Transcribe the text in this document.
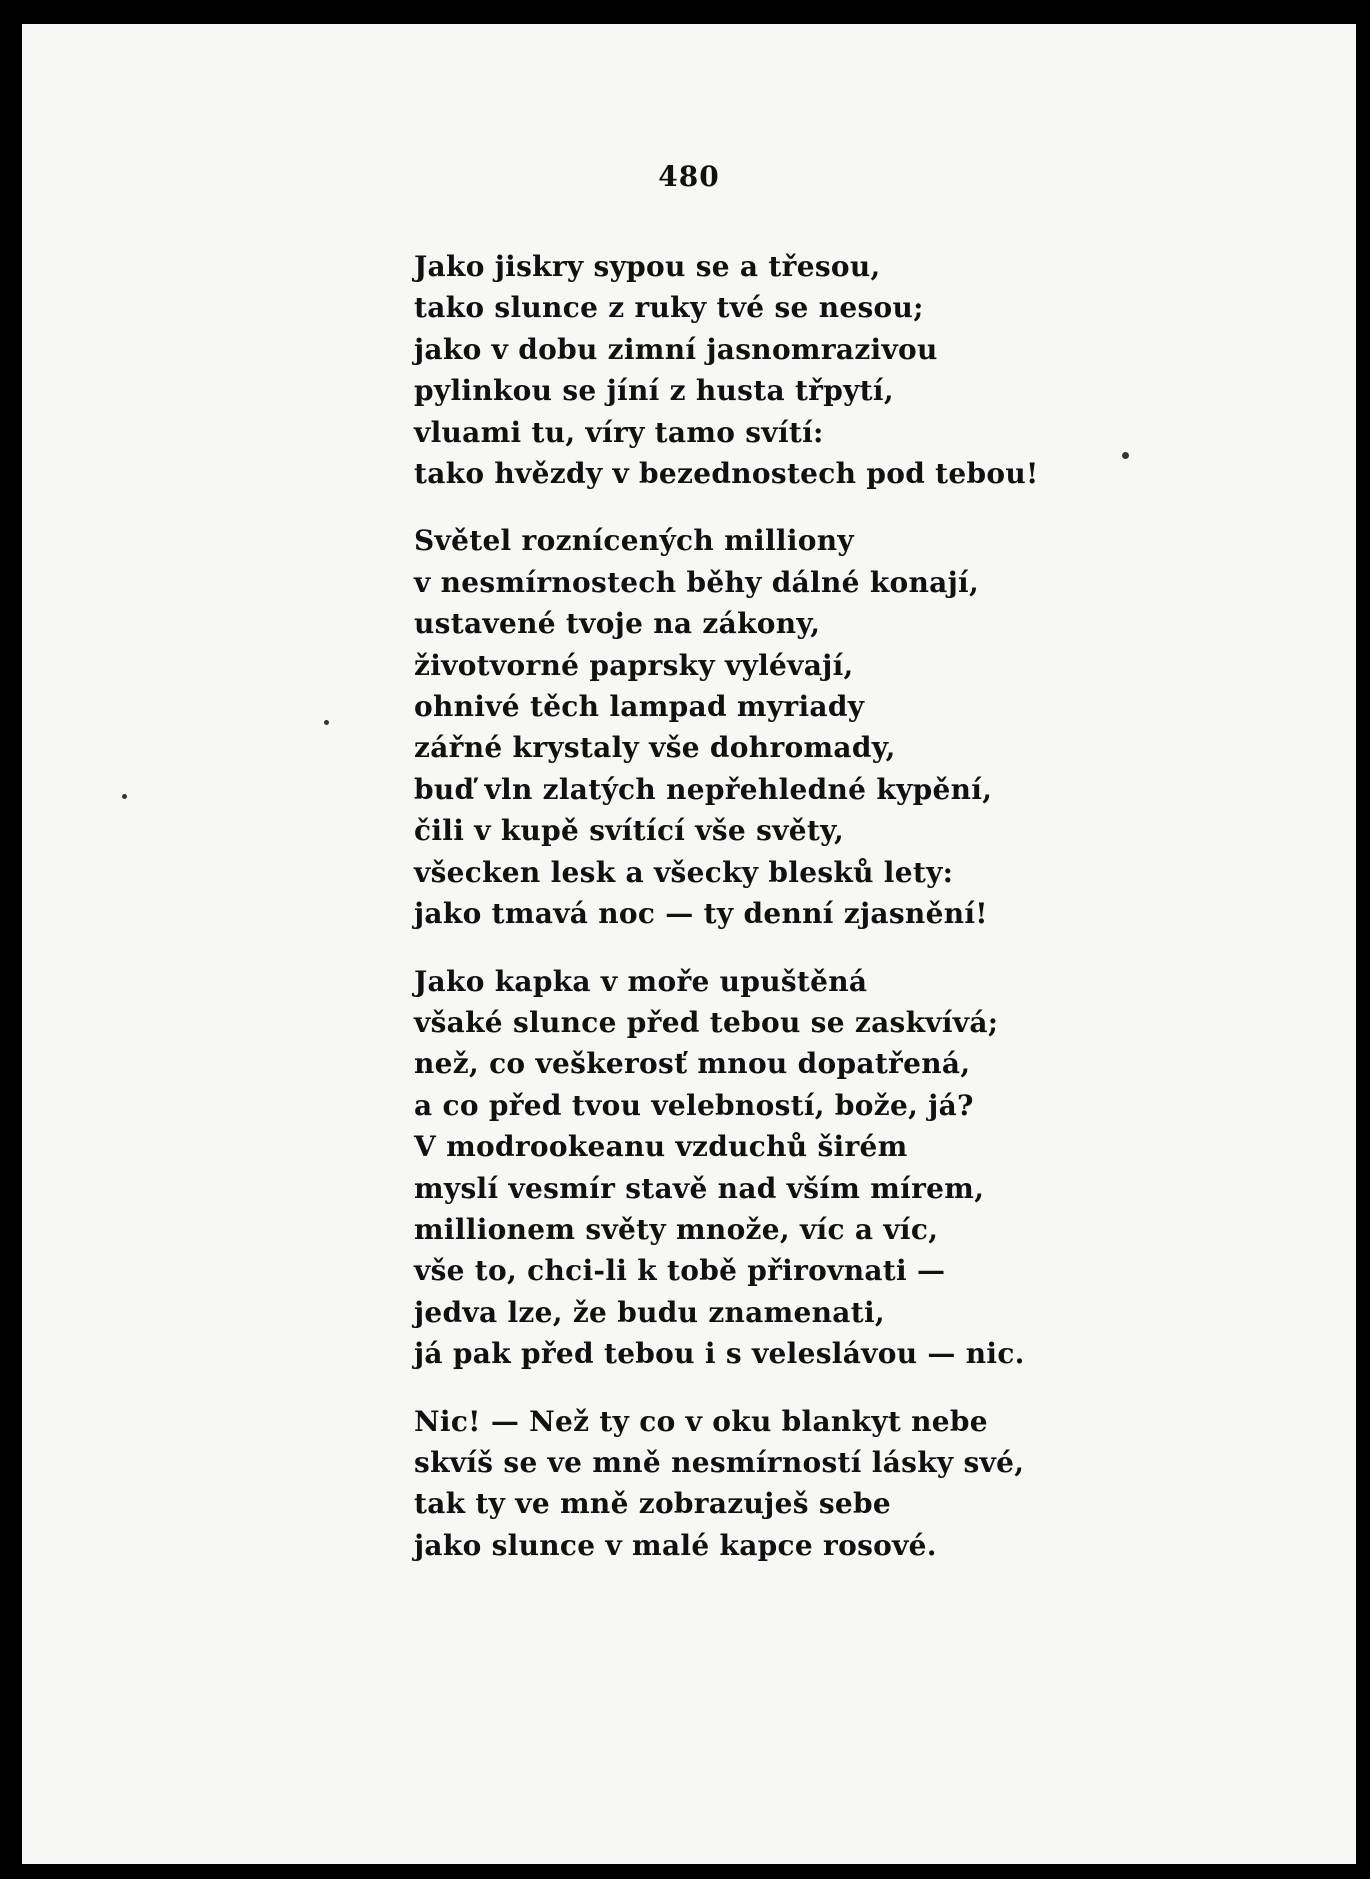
480
Jako jiskry sypou se a třesou,
tako slunce z ruky tvé se nesou;
jako v dobu zimní jasnomrazivou
pylinkou se jíní z husta třpytí,
vluami tu, víry tamo svítí:
tako hvězdy v bezednostech pod tebou!
Světel roznícených milliony
v nesmírnostech běhy dálné konají,
ustavené tvoje na zákony,
životvorné paprsky vylévají,
ohnivé těch lampad myriady
zářné krystaly vše dohromady,
buď vln zlatých nepřehledné kypění,
čili v kupě svítící vše světy,
všecken lesk a všecky blesků lety:
jako tmavá noc — ty denní zjasnění!
Jako kapka v moře upuštěná
všaké slunce před tebou se zaskvívá;
než, co veškerosť mnou dopatřená,
a co před tvou velebností, bože, já?
V modrookeanu vzduchů širém
myslí vesmír stavě nad vším mírem,
millionem světy množe, víc a víc,
vše to, chci-li k tobě přirovnati —
jedva lze, že budu znamenati,
já pak před tebou i s veleslávou — nic.
Nic! — Než ty co v oku blankyt nebe
skvíš se ve mně nesmírností lásky své,
tak ty ve mně zobrazuješ sebe
jako slunce v malé kapce rosové.
